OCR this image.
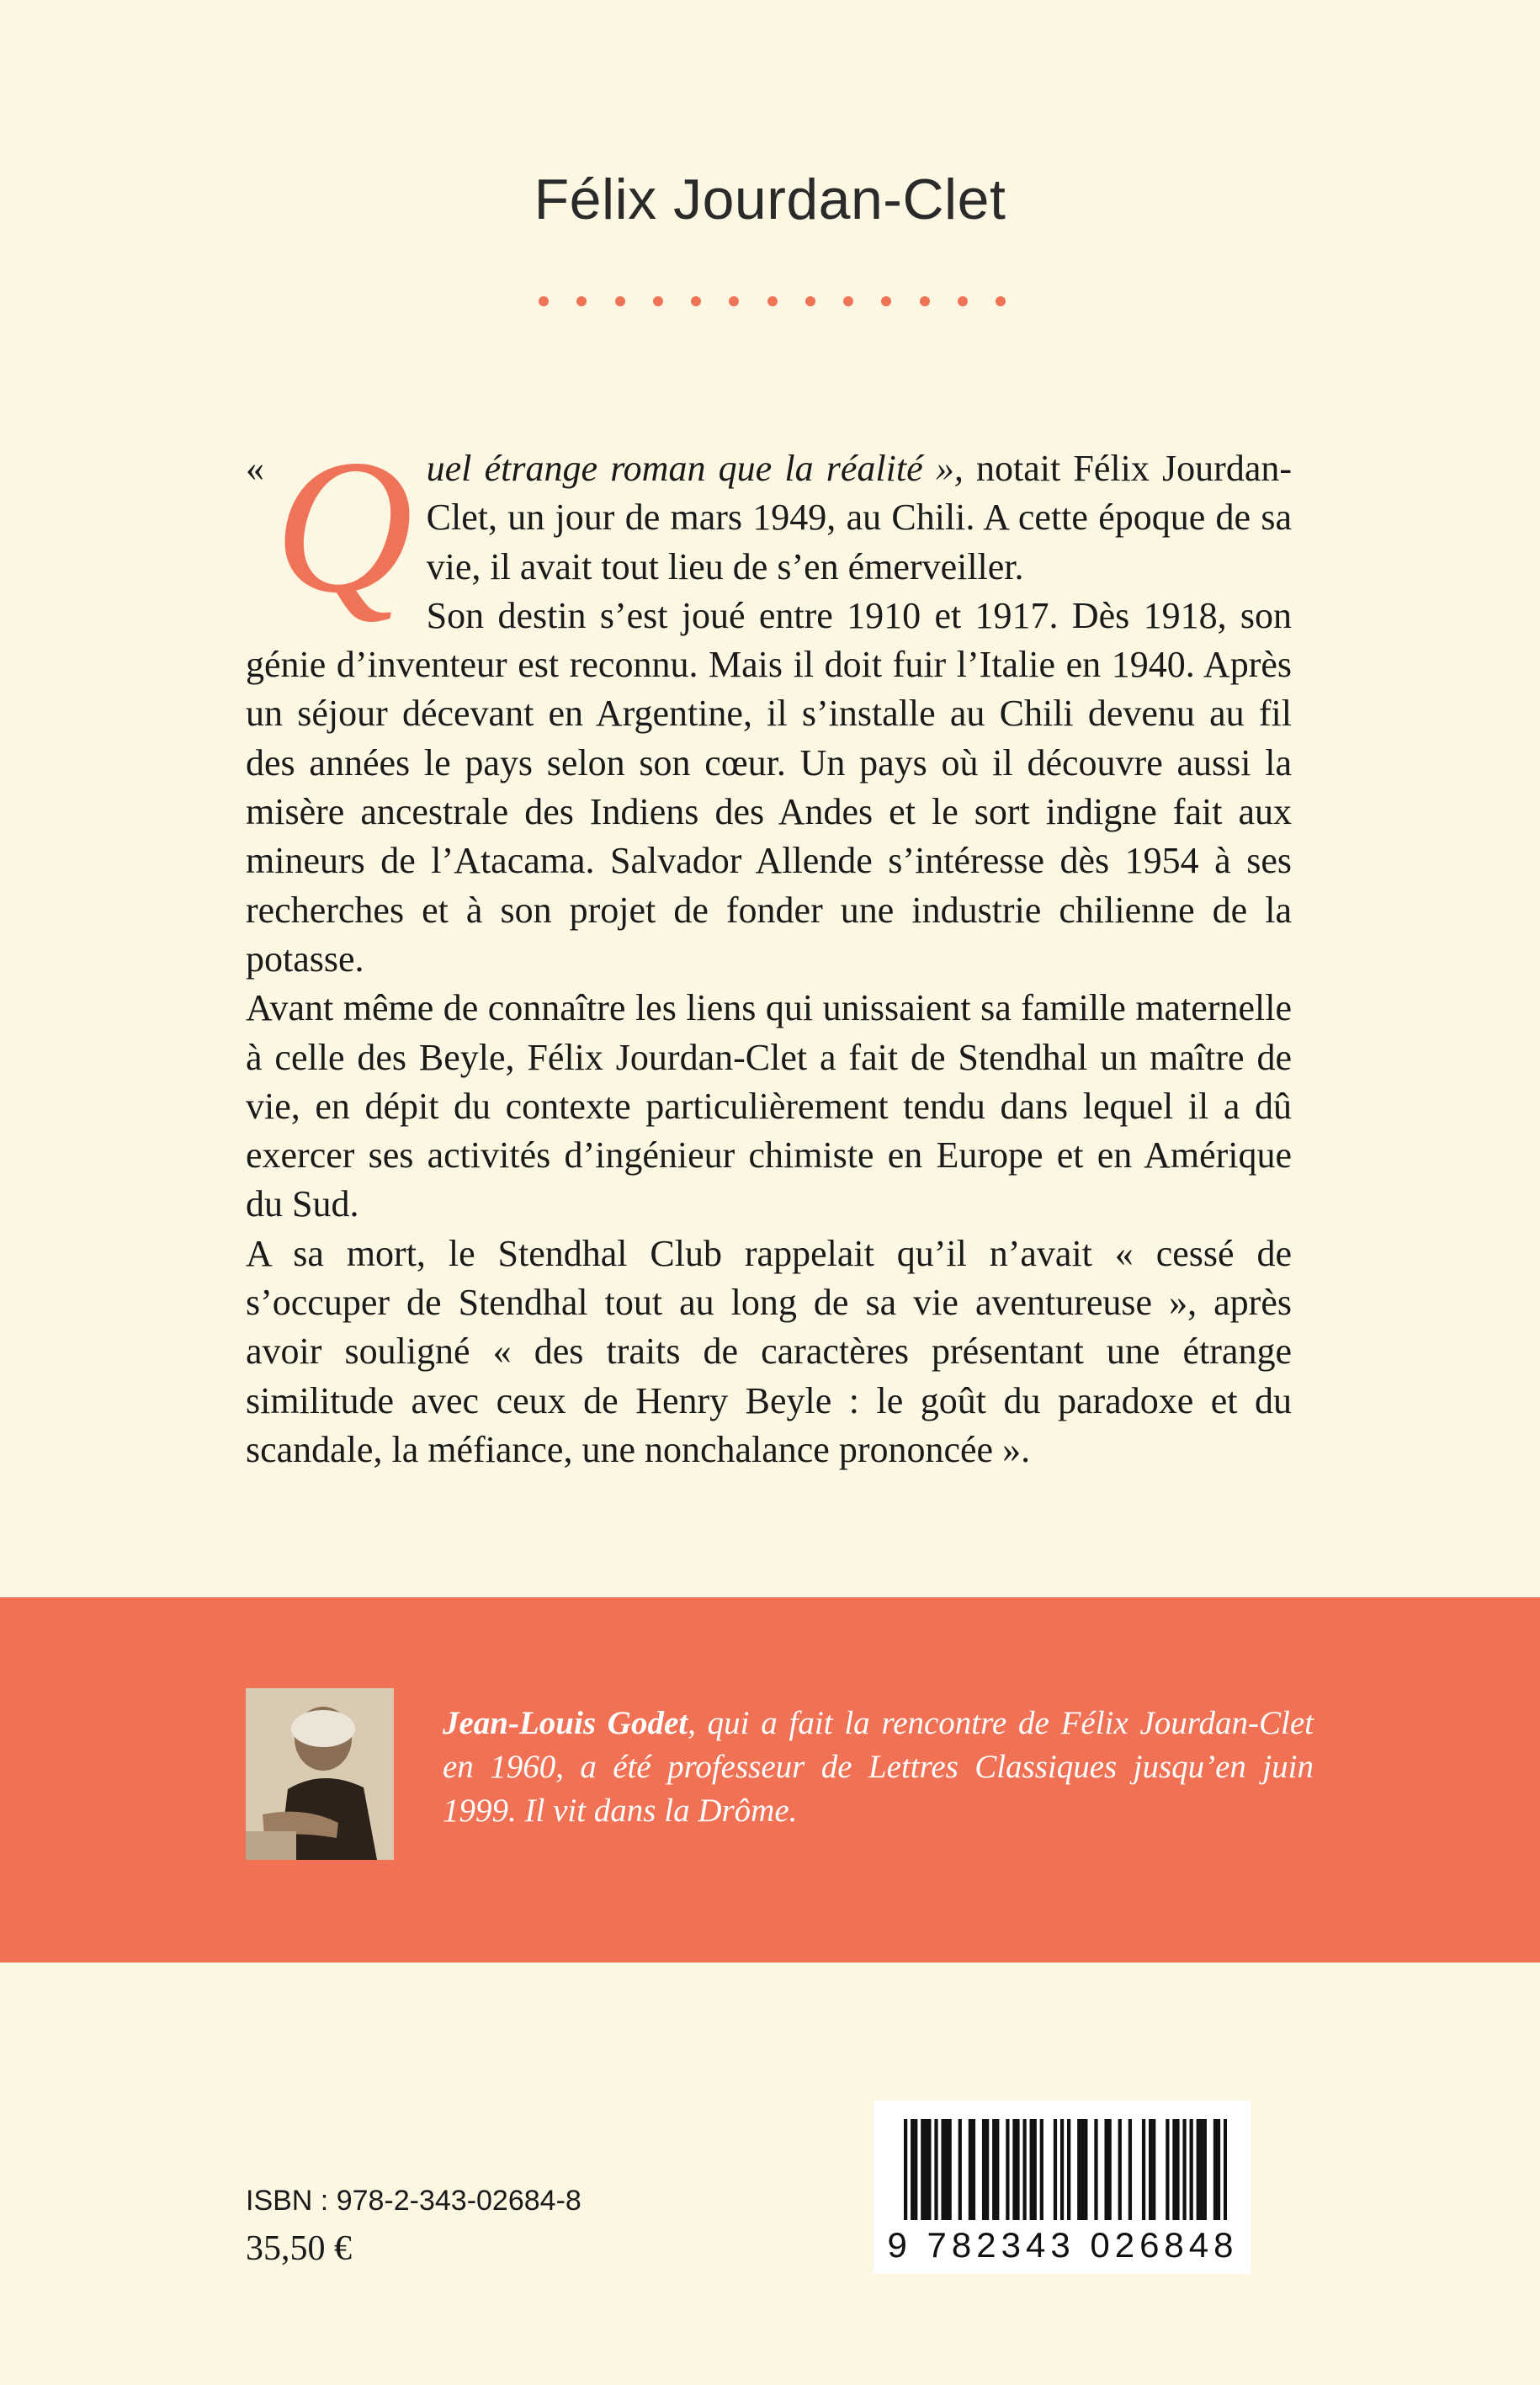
Félix Jourdan-Clet

« Q uel étrange roman que la réalité », notait Félix Jourdan-Clet, un jour de mars 1949, au Chili. A cette époque de sa vie, il avait tout lieu de s’en émerveiller.

Son destin s’est joué entre 1910 et 1917. Dès 1918, son génie d’inventeur est reconnu. Mais il doit fuir l’Italie en 1940. Après un séjour décevant en Argentine, il s’installe au Chili devenu au fil des années le pays selon son cœur. Un pays où il découvre aussi la misère ancestrale des Indiens des Andes et le sort indigne fait aux mineurs de l’Atacama. Salvador Allende s’intéresse dès 1954 à ses recherches et à son projet de fonder une industrie chilienne de la potasse.

Avant même de connaître les liens qui unissaient sa famille maternelle à celle des Beyle, Félix Jourdan-Clet a fait de Stendhal un maître de vie, en dépit du contexte particulièrement tendu dans lequel il a dû exercer ses activités d’ingénieur chimiste en Europe et en Amérique du Sud.

A sa mort, le Stendhal Club rappelait qu’il n’avait « cessé de s’occuper de Stendhal tout au long de sa vie aventureuse », après avoir souligné « des traits de caractères présentant une étrange similitude avec ceux de Henry Beyle : le goût du paradoxe et du scandale, la méfiance, une nonchalance prononcée ».

Jean-Louis Godet, qui a fait la rencontre de Félix Jourdan-Clet en 1960, a été professeur de Lettres Classiques jusqu’en juin 1999. Il vit dans la Drôme.
ISBN : 978-2-343-02684-8
35,50 €	9 782343 026848
